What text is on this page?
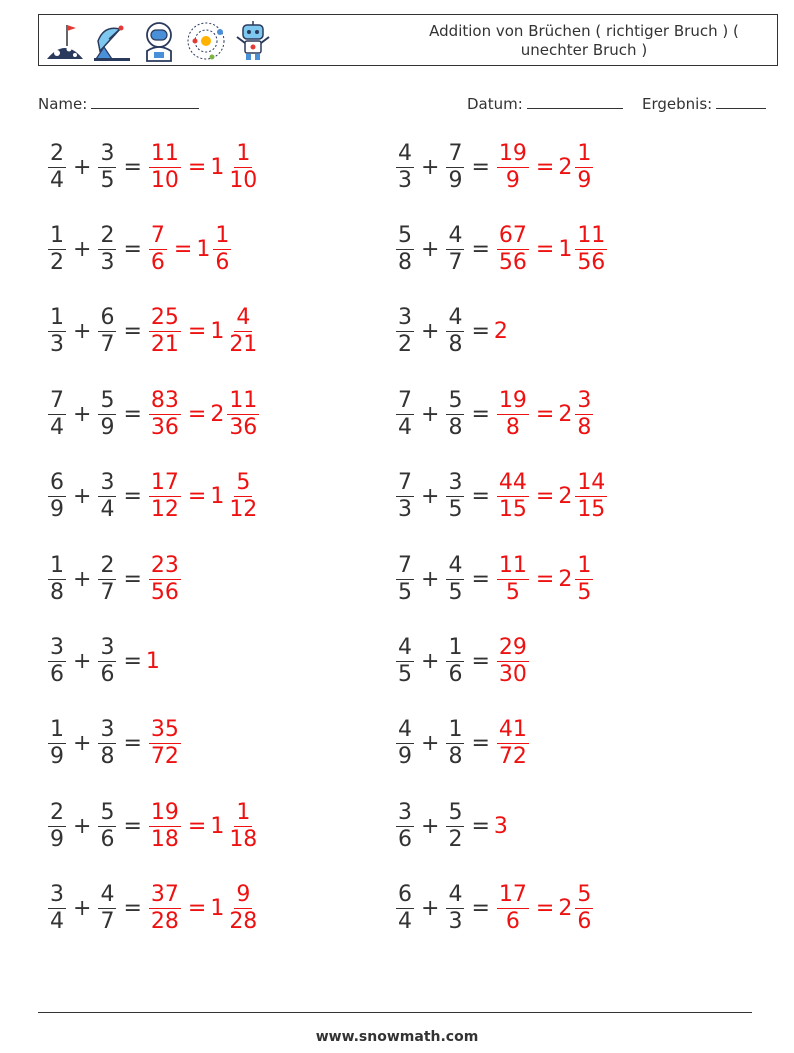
Addition von Brüchen ( richtiger Bruch ) ( unechter Bruch )
Name:	Datum:	Ergebnis:
$\frac{2}{4} + \frac{3}{5} = \frac{11}{10} = 1 \frac{1}{10}$	$\frac{4}{3} + \frac{7}{9} = \frac{19}{9} = 2 \frac{1}{9}$
$\frac{1}{2} + \frac{2}{3} = \frac{7}{6} = 1 \frac{1}{6}$	$\frac{5}{8} + \frac{4}{7} = \frac{67}{56} = 1 \frac{11}{56}$
$\frac{1}{3} + \frac{6}{7} = \frac{25}{21} = 1 \frac{4}{21}$	$\frac{3}{2} + \frac{4}{8} = 2$
$\frac{7}{4} + \frac{5}{9} = \frac{83}{36} = 2 \frac{11}{36}$	$\frac{7}{4} + \frac{5}{8} = \frac{19}{8} = 2 \frac{3}{8}$
$\frac{6}{9} + \frac{3}{4} = \frac{17}{12} = 1 \frac{5}{12}$	$\frac{7}{3} + \frac{3}{5} = \frac{44}{15} = 2 \frac{14}{15}$
$\frac{1}{8} + \frac{2}{7} = \frac{23}{56}$	$\frac{7}{5} + \frac{4}{5} = \frac{11}{5} = 2 \frac{1}{5}$
$\frac{3}{6} + \frac{3}{6} = 1$	$\frac{4}{5} + \frac{1}{6} = \frac{29}{30}$
$\frac{1}{9} + \frac{3}{8} = \frac{35}{72}$	$\frac{4}{9} + \frac{1}{8} = \frac{41}{72}$
$\frac{2}{9} + \frac{5}{6} = \frac{19}{18} = 1 \frac{1}{18}$	$\frac{3}{6} + \frac{5}{2} = 3$
$\frac{3}{4} + \frac{4}{7} = \frac{37}{28} = 1 \frac{9}{28}$	$\frac{6}{4} + \frac{4}{3} = \frac{17}{6} = 2 \frac{5}{6}$
www.snowmath.com
